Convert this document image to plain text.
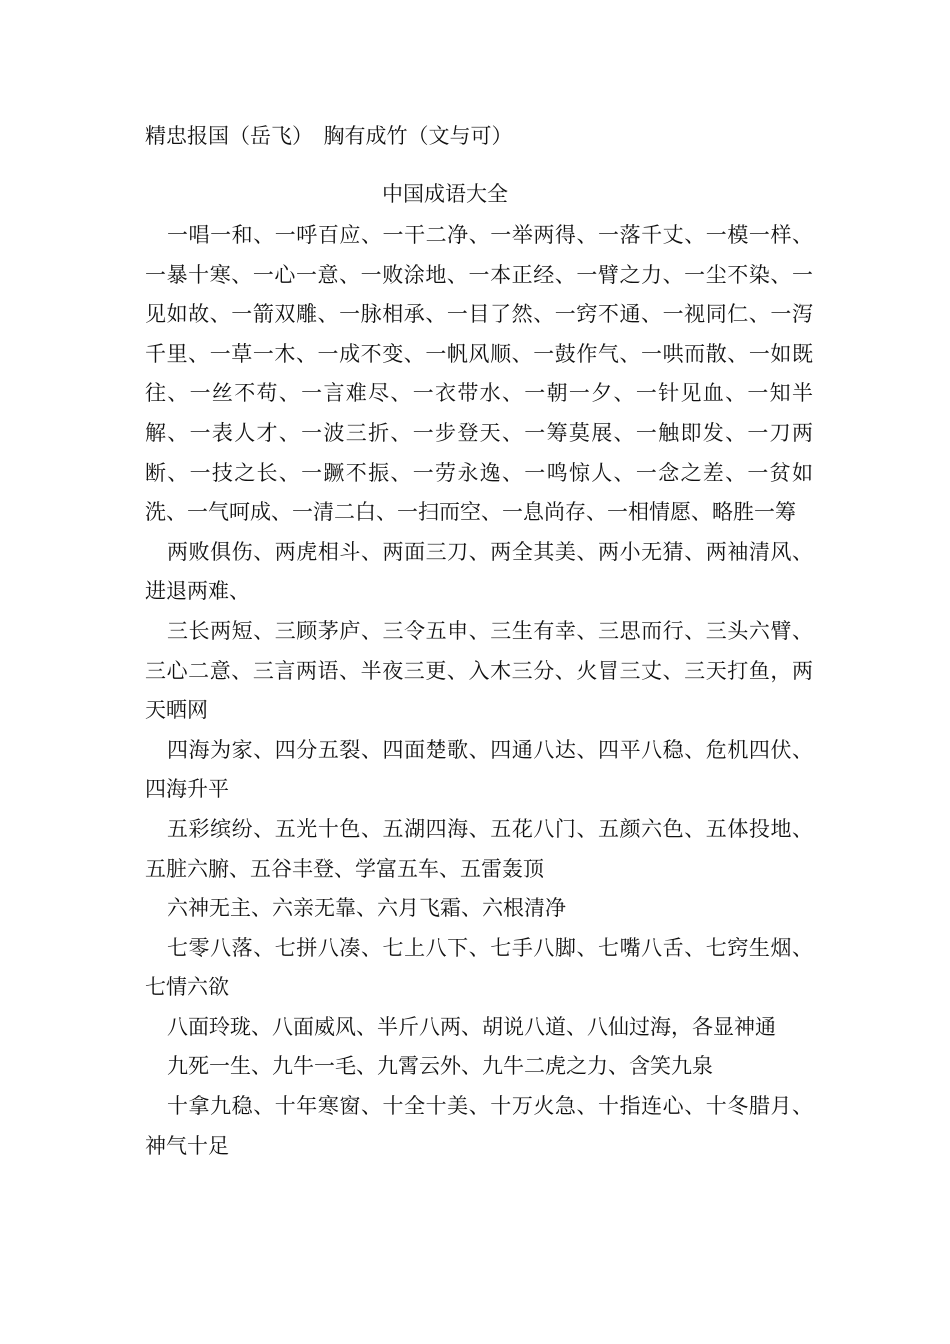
精忠报国（岳飞）　胸有成竹（文与可）
中国成语大全

一唱一和、一呼百应、一干二净、一举两得、一落千丈、一模一样、一暴十寒、一心一意、一败涂地、一本正经、一臂之力、一尘不染、一见如故、一箭双雕、一脉相承、一目了然、一窍不通、一视同仁、一泻千里、一草一木、一成不变、一帆风顺、一鼓作气、一哄而散、一如既往、一丝不苟、一言难尽、一衣带水、一朝一夕、一针见血、一知半解、一表人才、一波三折、一步登天、一筹莫展、一触即发、一刀两断、一技之长、一蹶不振、一劳永逸、一鸣惊人、一念之差、一贫如洗、一气呵成、一清二白、一扫而空、一息尚存、一相情愿、略胜一筹

两败俱伤、两虎相斗、两面三刀、两全其美、两小无猜、两袖清风、进退两难、

三长两短、三顾茅庐、三令五申、三生有幸、三思而行、三头六臂、三心二意、三言两语、半夜三更、入木三分、火冒三丈、三天打鱼，两天晒网

四海为家、四分五裂、四面楚歌、四通八达、四平八稳、危机四伏、四海升平

五彩缤纷、五光十色、五湖四海、五花八门、五颜六色、五体投地、五脏六腑、五谷丰登、学富五车、五雷轰顶

六神无主、六亲无靠、六月飞霜、六根清净

七零八落、七拼八凑、七上八下、七手八脚、七嘴八舌、七窍生烟、七情六欲

八面玲珑、八面威风、半斤八两、胡说八道、八仙过海，各显神通

九死一生、九牛一毛、九霄云外、九牛二虎之力、含笑九泉

十拿九稳、十年寒窗、十全十美、十万火急、十指连心、十冬腊月、神气十足
